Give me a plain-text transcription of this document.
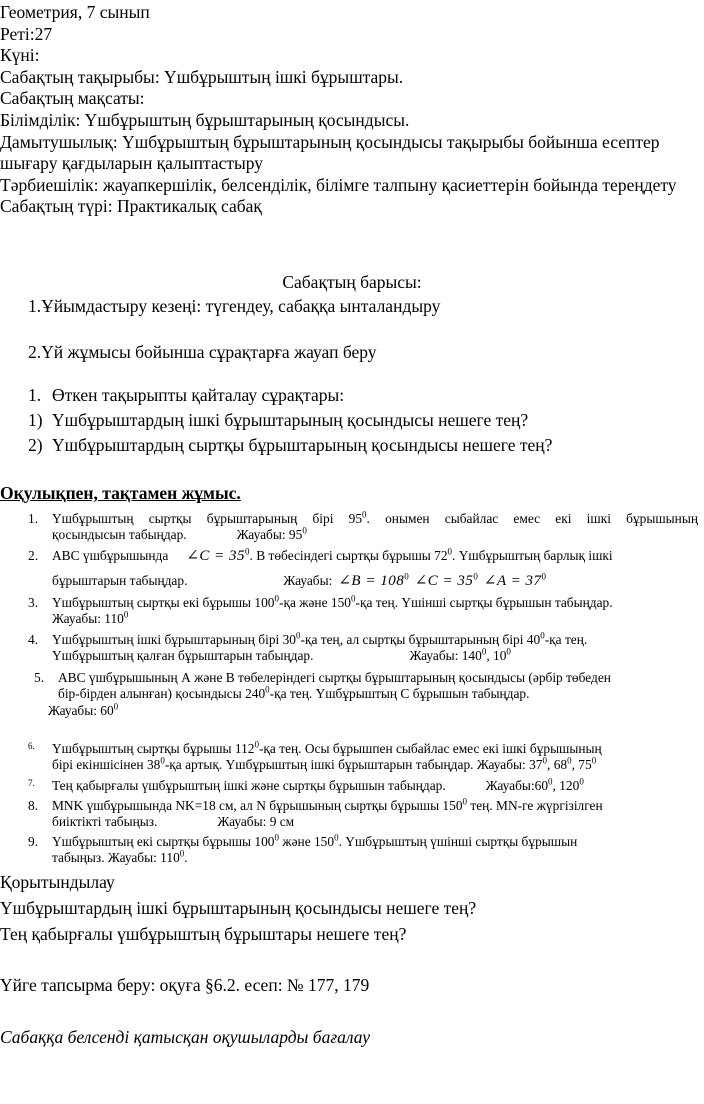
Геометрия, 7 сынып
Реті:27
Күні:
Сабақтың тақырыбы: Үшбұрыштың ішкі бұрыштары.
Сабақтың мақсаты:
Білімділік: Үшбұрыштың бұрыштарының қосындысы.
Дамытушылық: Үшбұрыштың бұрыштарының қосындысы тақырыбы бойынша есептер шығару қағдыларын қалыптастыру
Тәрбиешілік: жауапкершілік, белсенділік, білімге талпыну қасиеттерін бойында тереңдету
Сабақтың түрі: Практикалық сабақ
Сабақтың барысы:
1.Ұйымдастыру кезеңі: түгендеу, сабаққа ынталандыру
2.Үй жұмысы бойынша сұрақтарға жауап беру
1. Өткен тақырыпты қайталау сұрақтары:
1) Үшбұрыштардың ішкі бұрыштарының қосындысы нешеге тең?
2) Үшбұрыштардың сыртқы бұрыштарының қосындысы нешеге тең?
Оқулықпен, тақтамен жұмыс.
1. Үшбұрыштың сыртқы бұрыштарының бірі $95^0$. онымен сыбайлас емес екі ішкі бұрышының
қосындысын табыңдар.	Жауабы: $95^0$
2. АВС үшбұрышында ∠C = $35^0$. В төбесіндегі сыртқы бұрышы $72^0$. Үшбұрыштың барлық ішкі
бұрыштарын табыңдар.	Жауабы: ∠B = $108^0$ ∠C = $35^0$ ∠A = $37^0$
3. Үшбұрыштың сыртқы екі бұрышы $100^0-қа$ және $150^0-қа$ тең. Үшінші сыртқы бұрышын табыңдар.
Жауабы: $110^0$
4. Үшбұрыштың ішкі бұрыштарының бірі $30^0-қа$ тең, ал сыртқы бұрыштарының бірі $40^0-қа$ тең.
Үшбұрыштың қалған бұрыштарын табыңдар.	Жауабы: $140^0$, $10^0$
5. АВС үшбұрышының А және В төбелеріндегі сыртқы бұрыштарының қосындысы (әрбір төбеден
бір-бірден алынған) қосындысы $240^0-қа$ тең. Үшбұрыштың С бұрышын табыңдар.
Жауабы: $60^0$
6. Үшбұрыштың сыртқы бұрышы $112^0-қа$ тең. Осы бұрышпен сыбайлас емес екі ішкі бұрышының
бірі екіншісінен $38^0-қа$ артық. Үшбұрыштың ішкі бұрыштарын табыңдар. Жауабы: $37^0$, $68^0$, $75^0$
7. Тең қабырғалы үшбұрыштың ішкі және сыртқы бұрышын табыңдар.	$Жауабы:60^0$, $120^0$
8. MNK үшбұрышында NK=18 см, ал N бұрышының сыртқы бұрышы $150^0$ тең. MN-ге жүргізілген
биіктікті табыңыз.	Жауабы: 9 см
9. Үшбұрыштың екі сыртқы бұрышы $100^0$ және $150^0$. Үшбұрыштың үшінші сыртқы бұрышын
табыңыз. Жауабы: $110^0$.
Қорытындылау
Үшбұрыштардың ішкі бұрыштарының қосындысы нешеге тең?
Тең қабырғалы үшбұрыштың бұрыштары нешеге тең?
Үйге тапсырма беру: оқуға §6.2. есеп: № 177, 179
Сабаққа белсенді қатысқан оқушыларды бағалау
